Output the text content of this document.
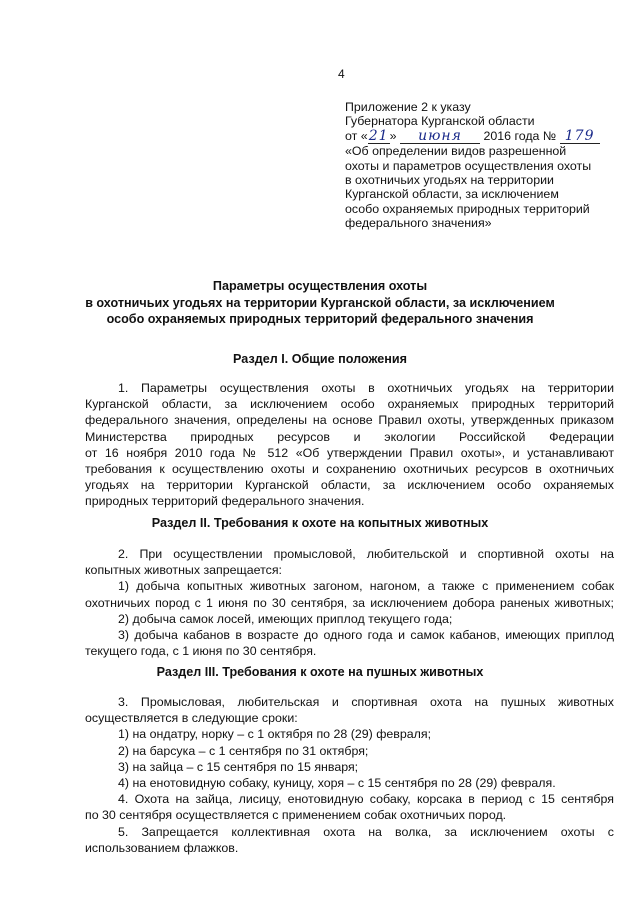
4
Приложение 2 к указу
Губернатора Курганской области
от «21» июня 2016 года № 179
«Об определении видов разрешенной
охоты и параметров осуществления охоты
в охотничьих угодьях на территории
Курганской области, за исключением
особо охраняемых природных территорий
федерального значения»
Параметры осуществления охоты
в охотничьих угодьях на территории Курганской области, за исключением
особо охраняемых природных территорий федерального значения
Раздел I. Общие положения
1. Параметры осуществления охоты в охотничьих угодьях на территории
Курганской области, за исключением особо охраняемых природных территорий
федерального значения, определены на основе Правил охоты, утвержденных приказом
Министерства природных ресурсов и экологии Российской Федерации
от 16 ноября 2010 года № 512 «Об утверждении Правил охоты», и устанавливают
требования к осуществлению охоты и сохранению охотничьих ресурсов в охотничьих
угодьях на территории Курганской области, за исключением особо охраняемых
природных территорий федерального значения.
Раздел II. Требования к охоте на копытных животных
2. При осуществлении промысловой, любительской и спортивной охоты на
копытных животных запрещается:
1) добыча копытных животных загоном, нагоном, а также с применением собак
охотничьих пород с 1 июня по 30 сентября, за исключением добора раненых животных;
2) добыча самок лосей, имеющих приплод текущего года;
3) добыча кабанов в возрасте до одного года и самок кабанов, имеющих приплод
текущего года, с 1 июня по 30 сентября.
Раздел III. Требования к охоте на пушных животных
3. Промысловая, любительская и спортивная охота на пушных животных
осуществляется в следующие сроки:
1) на ондатру, норку – с 1 октября по 28 (29) февраля;
2) на барсука – с 1 сентября по 31 октября;
3) на зайца – с 15 сентября по 15 января;
4) на енотовидную собаку, куницу, хоря – с 15 сентября по 28 (29) февраля.
4. Охота на зайца, лисицу, енотовидную собаку, корсака в период с 15 сентября
по 30 сентября осуществляется с применением собак охотничьих пород.
5. Запрещается коллективная охота на волка, за исключением охоты с
использованием флажков.
